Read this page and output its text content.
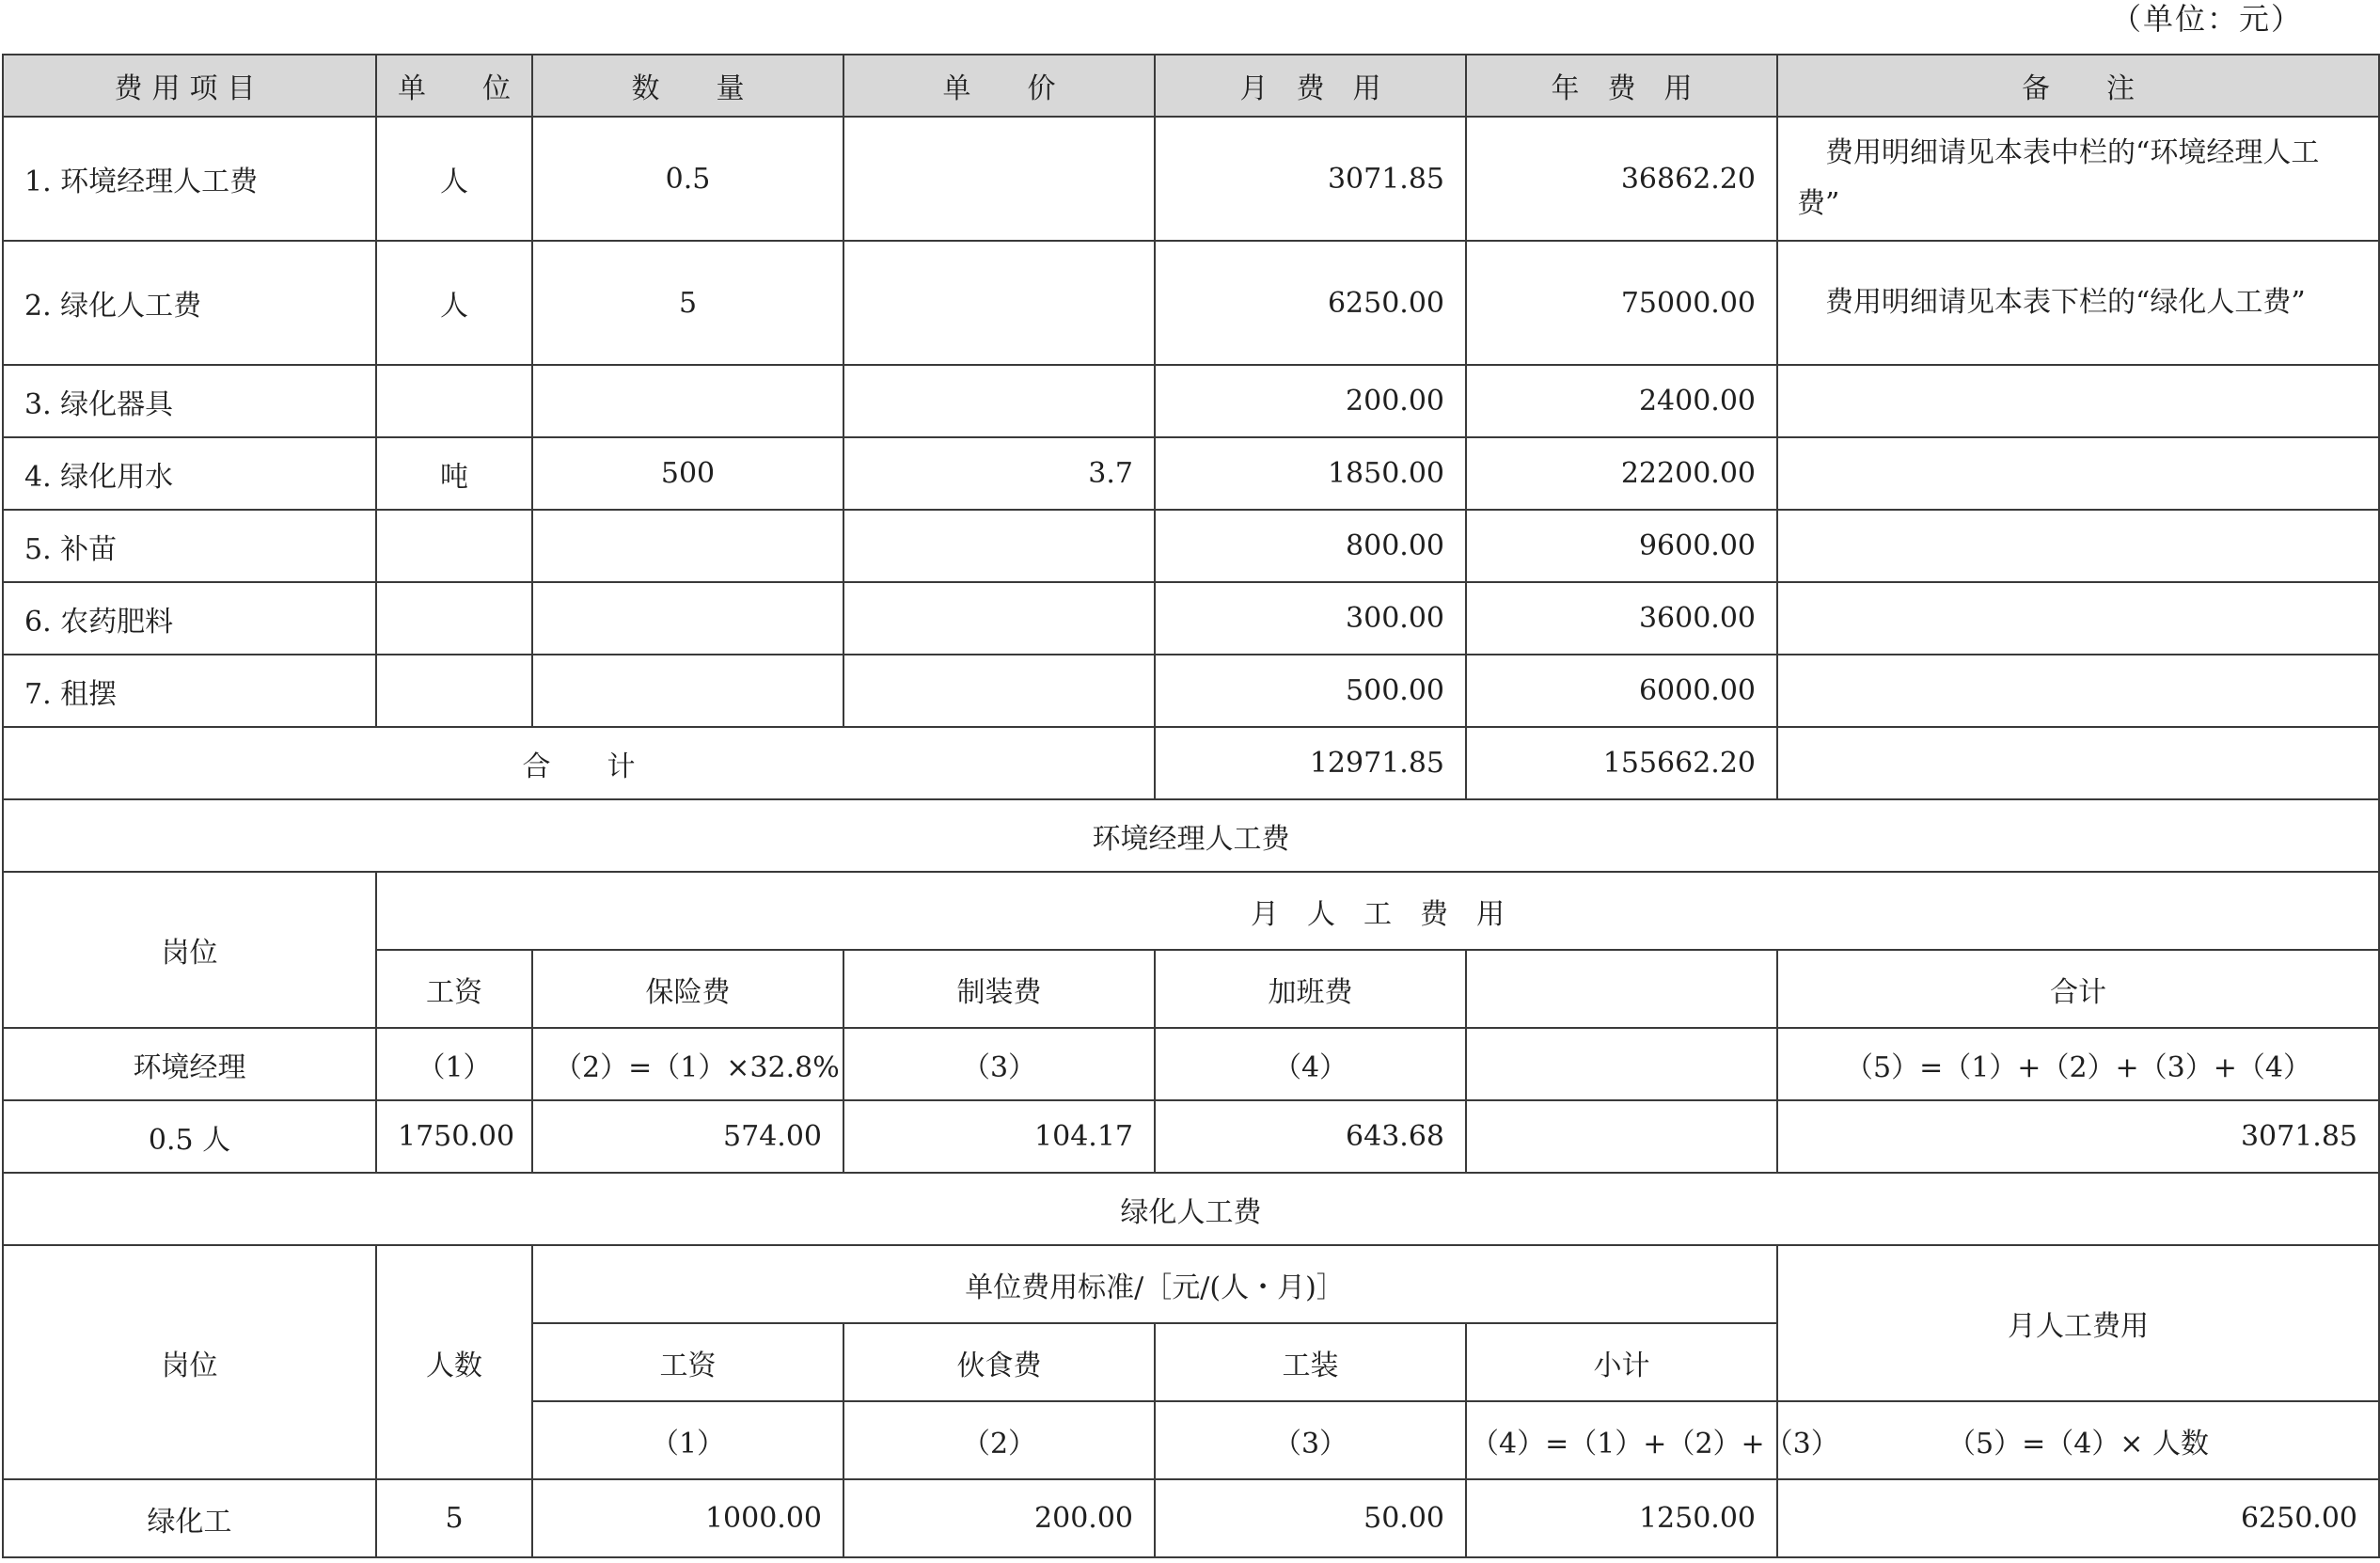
（单位：元）
费用项目	单　　位	数　　量	单　　价	月　费　用	年　费　用	备　　注
1. 环境经理人工费	人	0.5		3071.85	36862.20	　费用明细请见本表中栏的“环境经理人工费”
2. 绿化人工费	人	5		6250.00	75000.00	　费用明细请见本表下栏的“绿化人工费”
3. 绿化器具				200.00	2400.00	
4. 绿化用水	吨	500	3.7	1850.00	22200.00	
5. 补苗				800.00	9600.00	
6. 农药肥料				300.00	3600.00	
7. 租摆				500.00	6000.00	
合　　计				12971.85	155662.20	
环境经理人工费						
岗位	月　人　工　费　用					
	工资	保险费	制装费	加班费		合计
环境经理	（1）	（2）=（1）×32.8%	（3）	（4）		（5）=（1）+（2）+（3）+（4）
0.5 人	1750.00	574.00	104.17	643.68		3071.85
绿化人工费						
岗位	人数	单位费用标准/［元/(人・月)］				月人工费用
		工资	伙食费	工装	小计	
		（1）	（2）	（3）	（4）=（1）+（2）+（3）	（5）=（4）× 人数
绿化工	5	1000.00	200.00	50.00	1250.00	6250.00
